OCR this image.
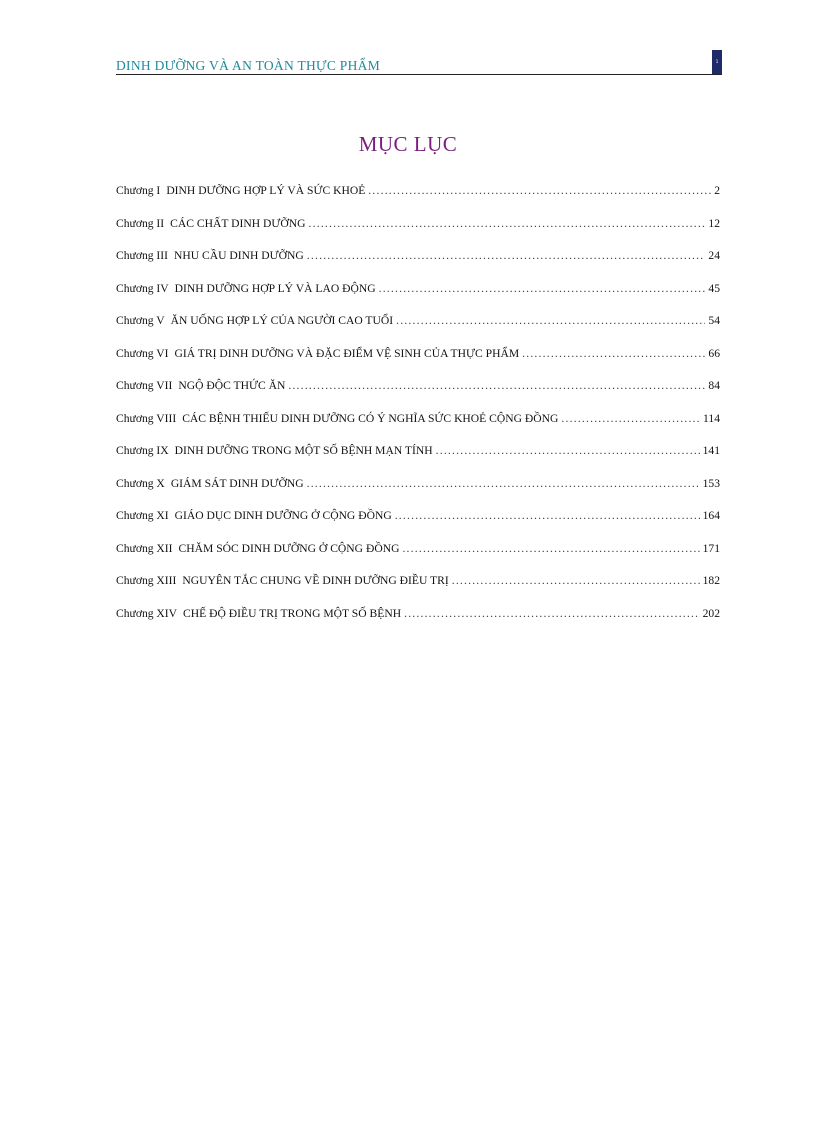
DINH DƯỠNG VÀ AN TOÀN THỰC PHẨM	1
MỤC LỤC
Chương I DINH DƯỠNG HỢP LÝ VÀ SỨC KHOẺ .....	2
Chương II CÁC CHẤT DINH DƯỠNG .....	12
Chương III NHU CẦU DINH DƯỠNG .....	24
Chương IV DINH DƯỠNG HỢP LÝ VÀ LAO ĐỘNG .....	45
Chương V ĂN UỐNG HỢP LÝ CỦA NGƯỜI CAO TUỔI .....	54
Chương VI GIÁ TRỊ DINH DƯỠNG VÀ ĐẶC ĐIỂM VỆ SINH CỦA THỰC PHẨM .....	66
Chương VII NGỘ ĐỘC THỨC ĂN .....	84
Chương VIII CÁC BỆNH THIẾU DINH DƯỠNG CÓ Ý NGHĨA SỨC KHOẺ CỘNG ĐỒNG .....	114
Chương IX DINH DƯỠNG TRONG MỘT SỐ BỆNH MẠN TÍNH .....	141
Chương X GIÁM SÁT DINH DƯỠNG .....	153
Chương XI GIÁO DỤC DINH DƯỠNG Ở CỘNG ĐỒNG .....	164
Chương XII CHĂM SÓC DINH DƯỠNG Ở CỘNG ĐỒNG .....	171
Chương XIII NGUYÊN TẮC CHUNG VỀ DINH DƯỠNG ĐIỀU TRỊ .....	182
Chương XIV CHẾ ĐỘ ĐIỀU TRỊ TRONG MỘT SỐ BỆNH .....	202
